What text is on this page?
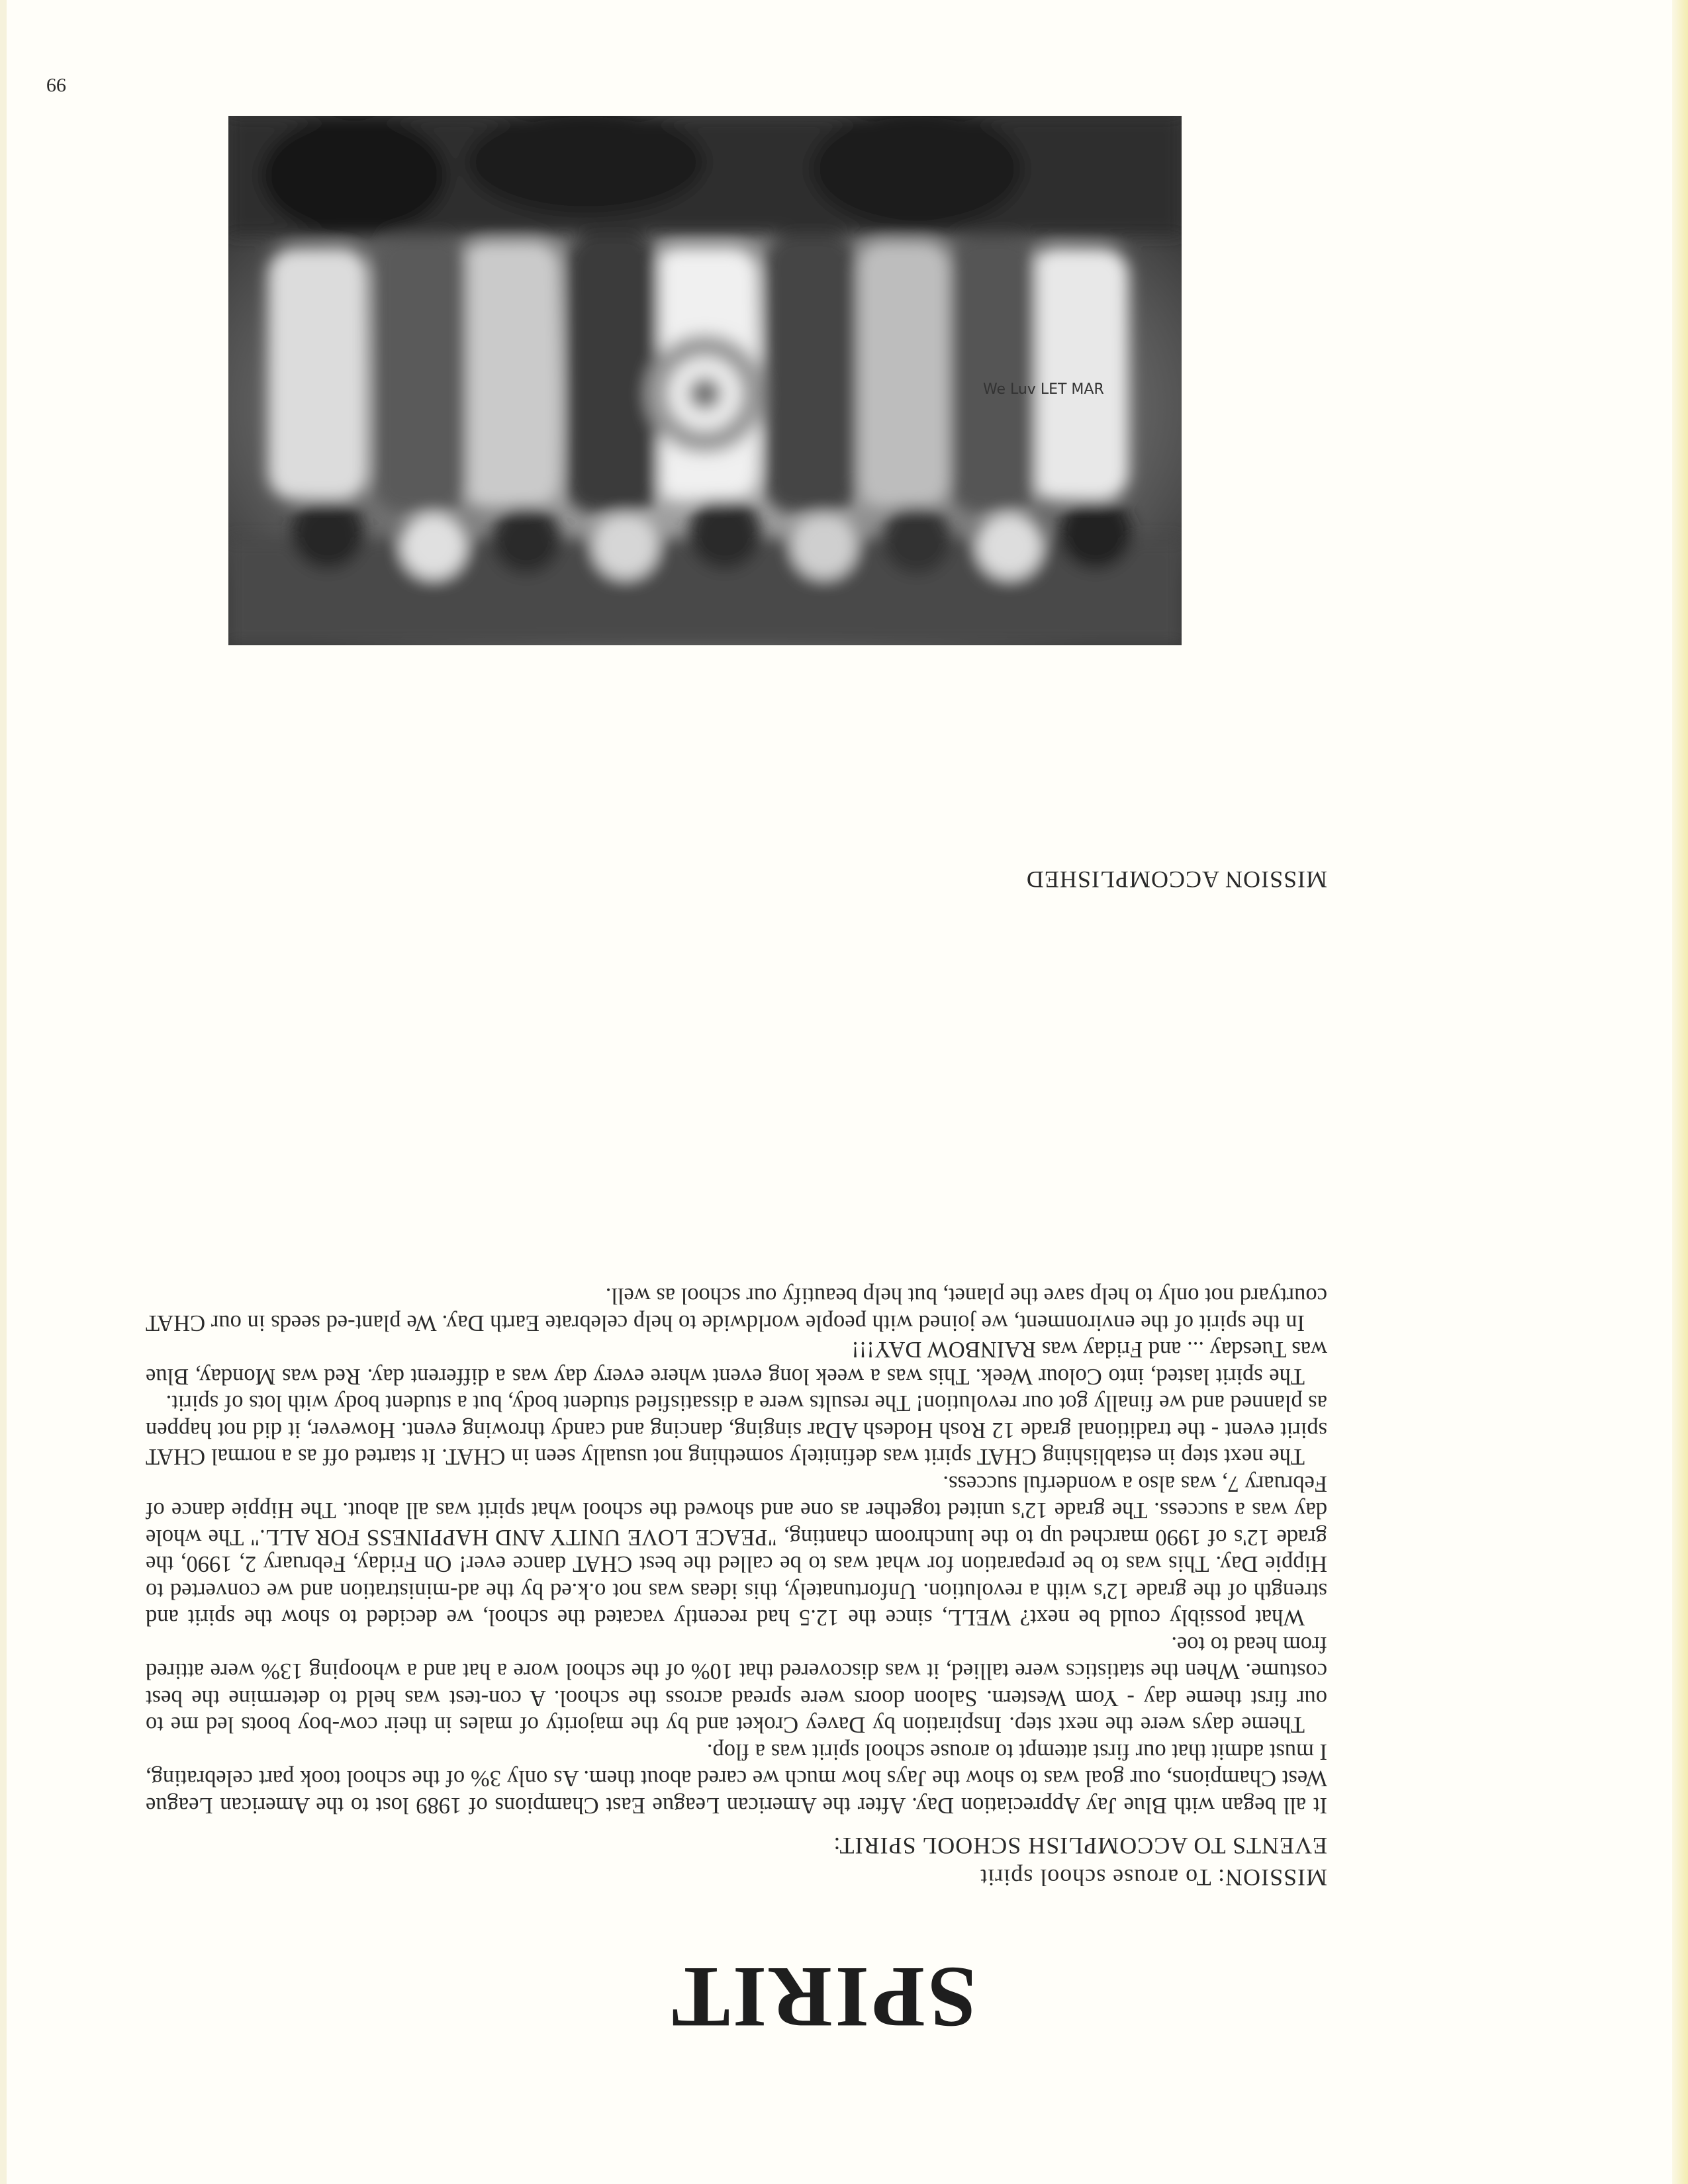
SPIRIT
MISSION: To arouse school spirit
EVENTS TO ACCOMPLISH SCHOOL SPIRIT:

It all began with Blue Jay Appreciation Day. After the American League East Champions of 1989 lost to the American League West Champions, our goal was to show the Jays how much we cared about them. As only 3% of the school took part celebrating, I must admit that our first attempt to arouse school spirit was a flop.

Theme days were the next step. Inspiration by Davey Croket and by the majority of males in their cow-boy boots led me to our first theme day - Yom Western. Saloon doors were spread across the school. A con-test was held to determine the best costume. When the statistics were tallied, it was discovered that 10% of the school wore a hat and a whooping 13% were attired from head to toe.

What possibly could be next? WELL, since the 12.5 had recently vacated the school, we decided to show the spirit and strength of the grade 12's with a revolution. Unfortunately, this ideas was not o.k.ed by the ad-ministration and we converted to Hippie Day. This was to be preparation for what was to be called the best CHAT dance ever! On Friday, February 2, 1990, the grade 12's of 1990 marched up to the lunchroom chanting, "PEACE LOVE UNITY AND HAPPINESS FOR ALL." The whole day was a success. The grade 12's united together as one and showed the school what spirit was all about. The Hippie dance of February 7, was also a wonderful success.

The next step in establishing CHAT spirit was definitely something not usually seen in CHAT. It started off as a normal CHAT spirit event - the traditional grade 12 Rosh Hodesh ADar singing, dancing and candy throwing event. However, it did not happen as planned and we finally got our revolution! The results were a dissatisfied student body, but a student body with lots of spirit.

The spirit lasted, into Colour Week. This was a week long event where every day was a different day. Red was Monday, Blue was Tuesday ... and Friday was RAINBOW DAY!!!

In the spirit of the environment, we joined with people worldwide to help celebrate Earth Day. We plant-ed seeds in our CHAT courtyard not only to help save the planet, but help beautify our school as well.

MISSION ACCOMPLISHED
We Luv LET MAR
99
